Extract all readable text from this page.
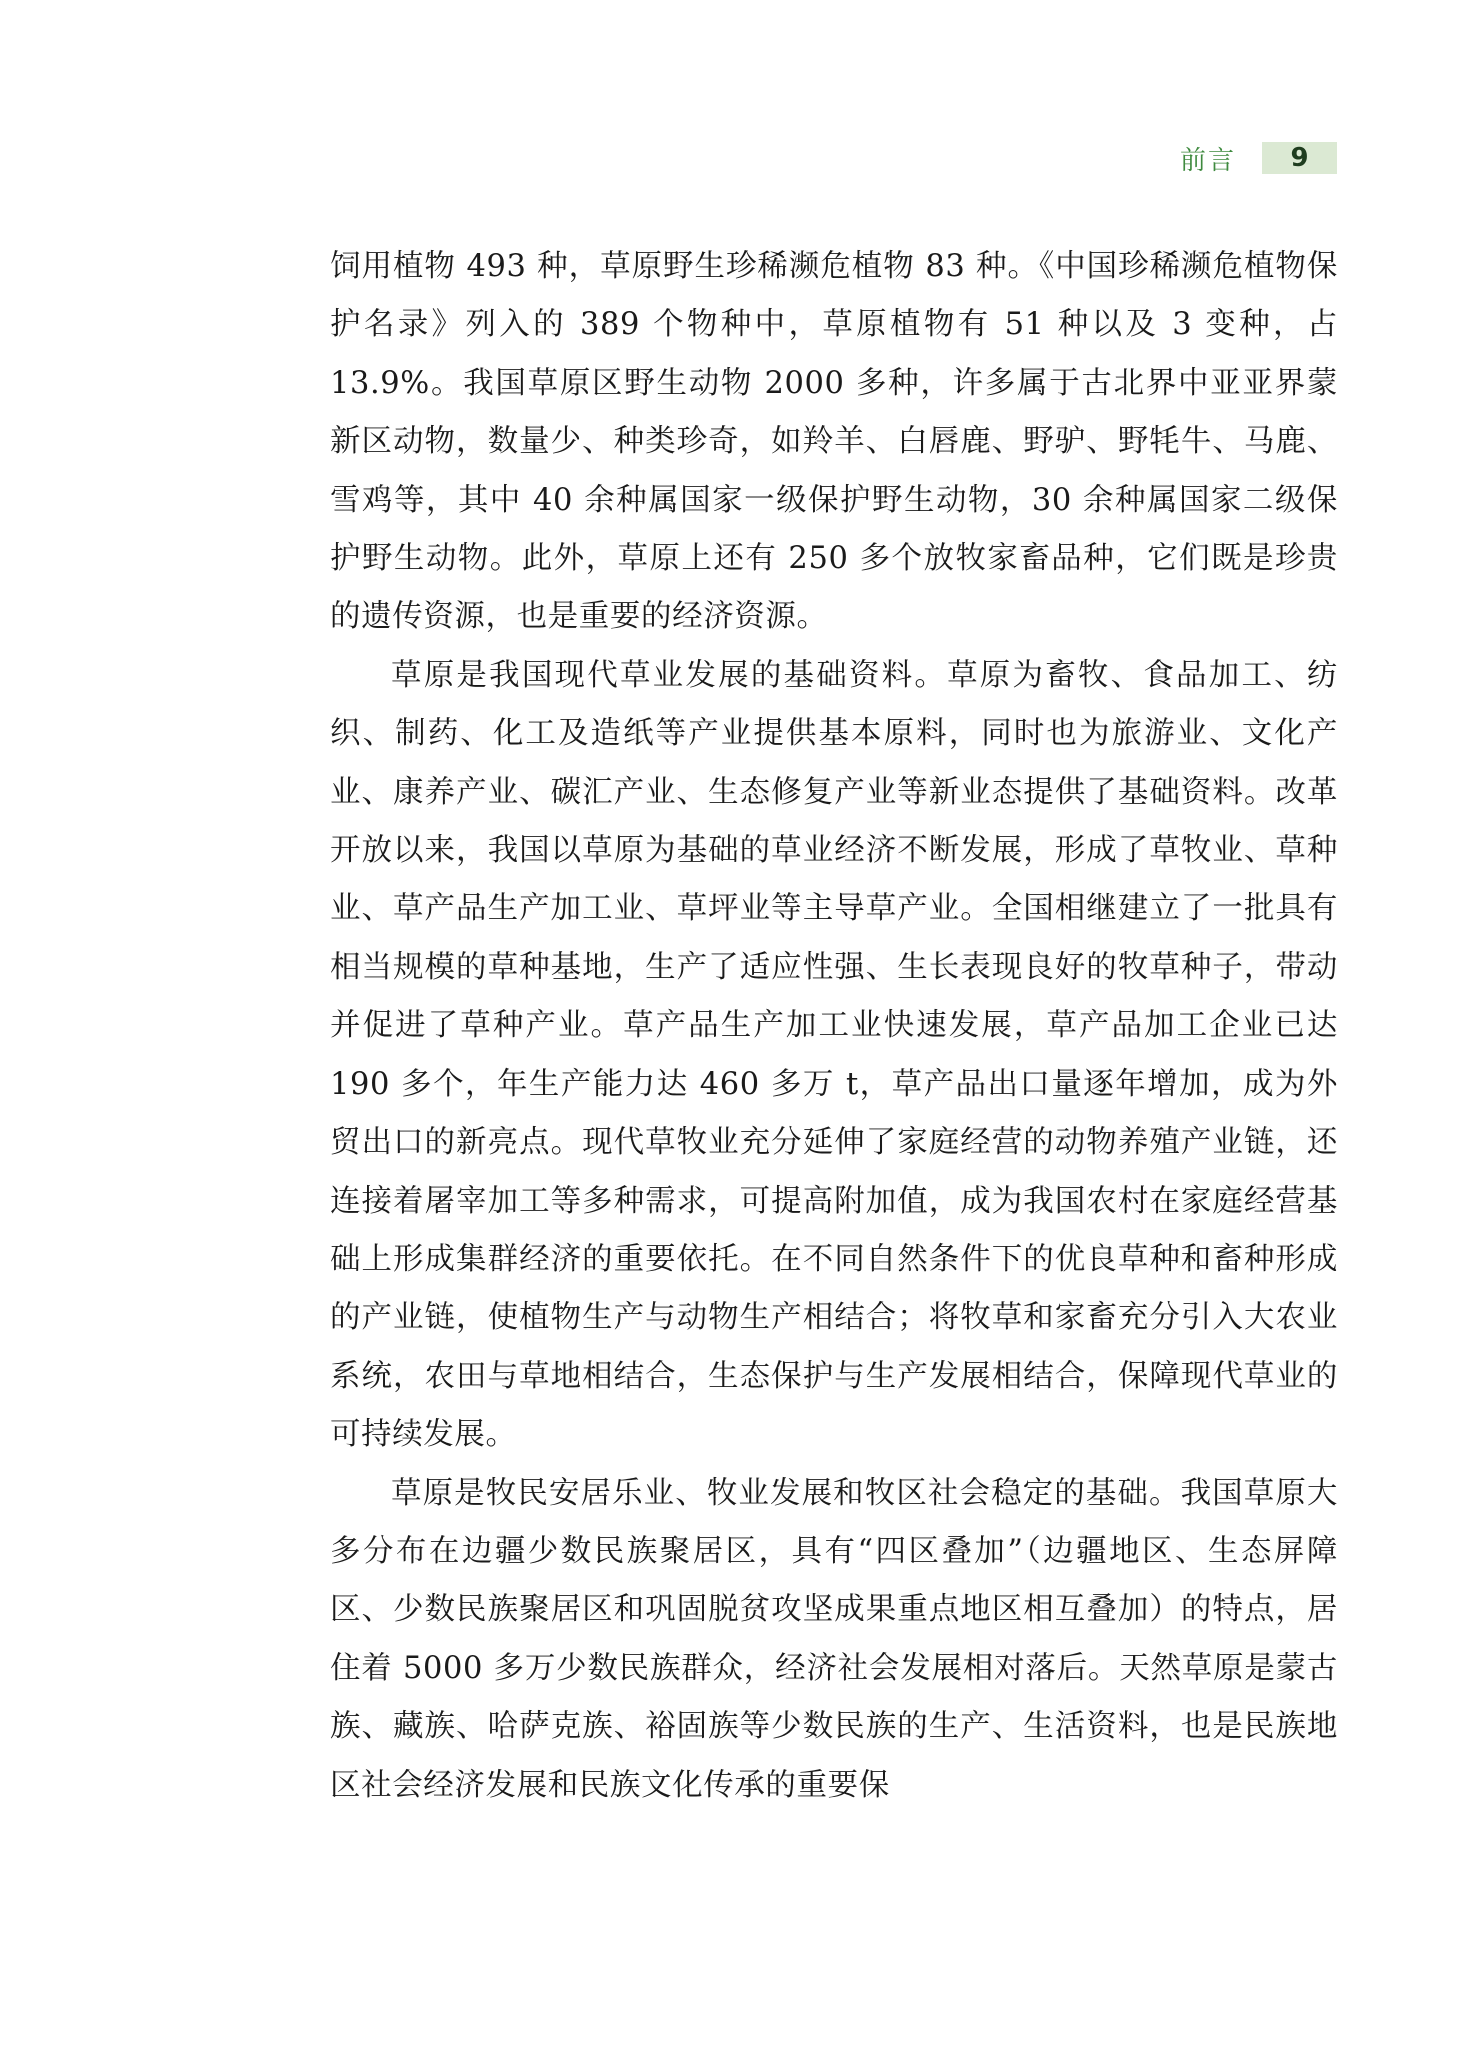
前言	9

饲用植物 493 种，草原野生珍稀濒危植物 83 种。《中国珍稀濒危植物保护名录》列入的 389 个物种中，草原植物有 51 种以及 3 变种，占 13.9%。我国草原区野生动物 2000 多种，许多属于古北界中亚亚界蒙新区动物，数量少、种类珍奇，如羚羊、白唇鹿、野驴、野牦牛、马鹿、雪鸡等，其中 40 余种属国家一级保护野生动物，30 余种属国家二级保护野生动物。此外，草原上还有 250 多个放牧家畜品种，它们既是珍贵的遗传资源，也是重要的经济资源。

草原是我国现代草业发展的基础资料。草原为畜牧、食品加工、纺织、制药、化工及造纸等产业提供基本原料，同时也为旅游业、文化产业、康养产业、碳汇产业、生态修复产业等新业态提供了基础资料。改革开放以来，我国以草原为基础的草业经济不断发展，形成了草牧业、草种业、草产品生产加工业、草坪业等主导草产业。全国相继建立了一批具有相当规模的草种基地，生产了适应性强、生长表现良好的牧草种子，带动并促进了草种产业。草产品生产加工业快速发展，草产品加工企业已达 190 多个，年生产能力达 460 多万 t，草产品出口量逐年增加，成为外贸出口的新亮点。现代草牧业充分延伸了家庭经营的动物养殖产业链，还连接着屠宰加工等多种需求，可提高附加值，成为我国农村在家庭经营基础上形成集群经济的重要依托。在不同自然条件下的优良草种和畜种形成的产业链，使植物生产与动物生产相结合；将牧草和家畜充分引入大农业系统，农田与草地相结合，生态保护与生产发展相结合，保障现代草业的可持续发展。

草原是牧民安居乐业、牧业发展和牧区社会稳定的基础。我国草原大多分布在边疆少数民族聚居区，具有“四区叠加”（边疆地区、生态屏障区、少数民族聚居区和巩固脱贫攻坚成果重点地区相互叠加）的特点，居住着 5000 多万少数民族群众，经济社会发展相对落后。天然草原是蒙古族、藏族、哈萨克族、裕固族等少数民族的生产、生活资料，也是民族地区社会经济发展和民族文化传承的重要保
